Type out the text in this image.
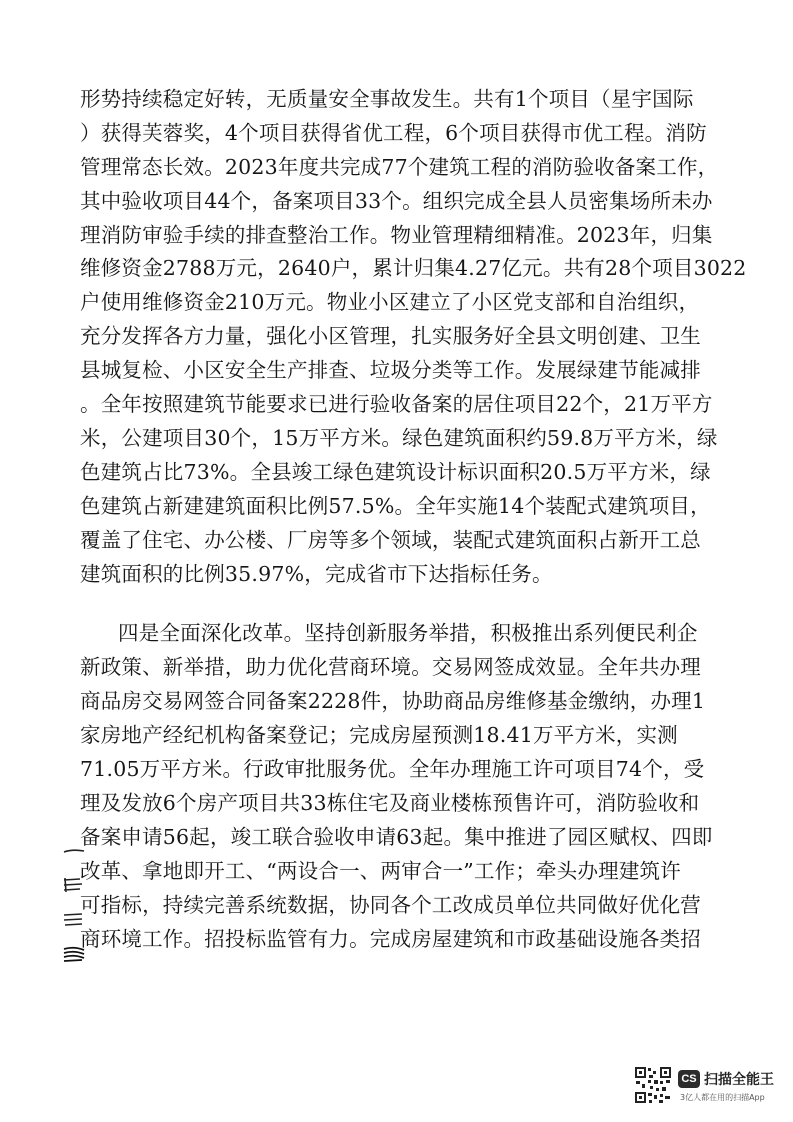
形势持续稳定好转，无质量安全事故发生。共有1个项目（星宇国际
）获得芙蓉奖，4个项目获得省优工程，6个项目获得市优工程。消防
管理常态长效。2023年度共完成77个建筑工程的消防验收备案工作，
其中验收项目44个，备案项目33个。组织完成全县人员密集场所未办
理消防审验手续的排查整治工作。物业管理精细精准。2023年，归集
维修资金2788万元，2640户，累计归集4.27亿元。共有28个项目3022
户使用维修资金210万元。物业小区建立了小区党支部和自治组织，
充分发挥各方力量，强化小区管理，扎实服务好全县文明创建、卫生
县城复检、小区安全生产排查、垃圾分类等工作。发展绿建节能减排
。全年按照建筑节能要求已进行验收备案的居住项目22个，21万平方
米，公建项目30个，15万平方米。绿色建筑面积约59.8万平方米，绿
色建筑占比73%。全县竣工绿色建筑设计标识面积20.5万平方米，绿
色建筑占新建建筑面积比例57.5%。全年实施14个装配式建筑项目，
覆盖了住宅、办公楼、厂房等多个领域，装配式建筑面积占新开工总
建筑面积的比例35.97%，完成省市下达指标任务。
四是全面深化改革。坚持创新服务举措，积极推出系列便民利企
新政策、新举措，助力优化营商环境。交易网签成效显。全年共办理
商品房交易网签合同备案2228件，协助商品房维修基金缴纳，办理1
家房地产经纪机构备案登记；完成房屋预测18.41万平方米，实测
71.05万平方米。行政审批服务优。全年办理施工许可项目74个，受
理及发放6个房产项目共33栋住宅及商业楼栋预售许可，消防验收和
备案申请56起，竣工联合验收申请63起。集中推进了园区赋权、四即
改革、拿地即开工、“两设合一、两审合一”工作；牵头办理建筑许
可指标，持续完善系统数据，协同各个工改成员单位共同做好优化营
商环境工作。招投标监管有力。完成房屋建筑和市政基础设施各类招
CS 扫描全能王
3亿人都在用的扫描App
